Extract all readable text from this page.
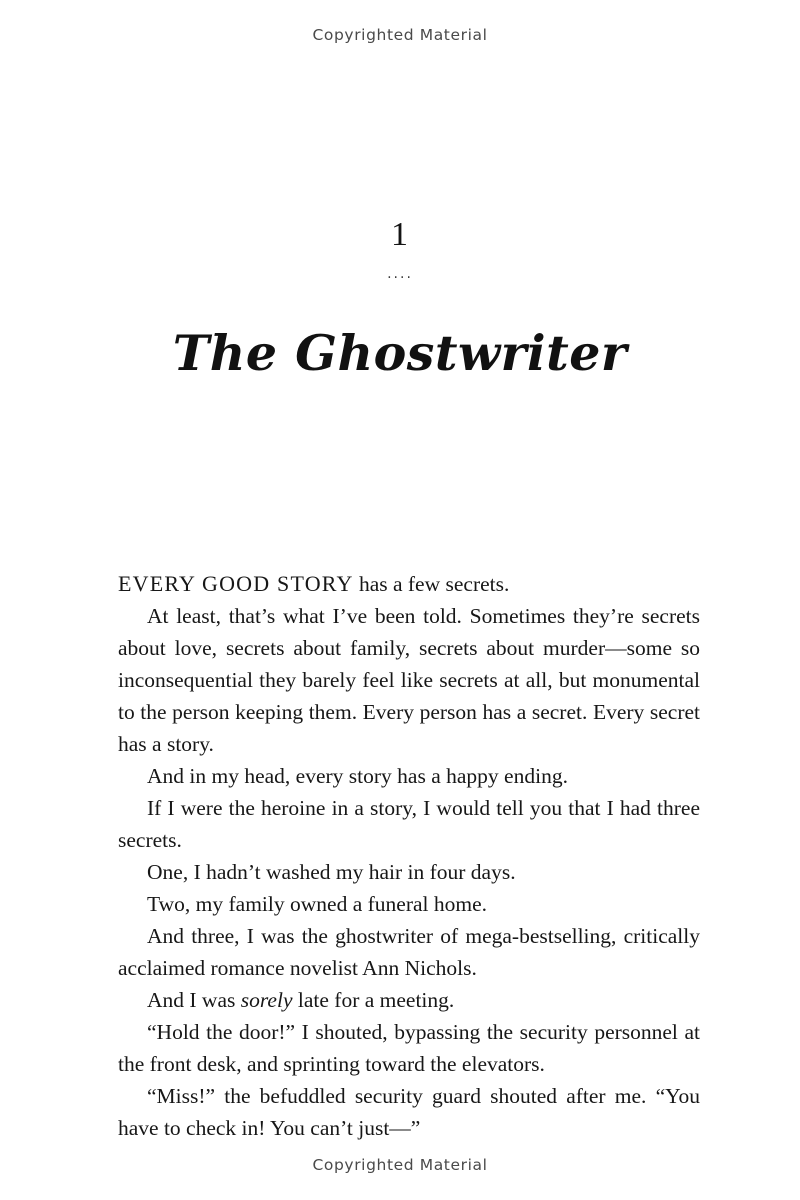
Copyrighted Material
1
....
The Ghostwriter

EVERY GOOD STORY has a few secrets.

At least, that’s what I’ve been told. Sometimes they’re secrets about love, secrets about family, secrets about murder—some so inconsequential they barely feel like secrets at all, but monumental to the person keeping them. Every person has a secret. Every secret has a story.

And in my head, every story has a happy ending.

If I were the heroine in a story, I would tell you that I had three secrets.

One, I hadn’t washed my hair in four days.

Two, my family owned a funeral home.

And three, I was the ghostwriter of mega-bestselling, critically acclaimed romance novelist Ann Nichols.

And I was sorely late for a meeting.

“Hold the door!” I shouted, bypassing the security personnel at the front desk, and sprinting toward the elevators.

“Miss!” the befuddled security guard shouted after me. “You have to check in! You can’t just—”

Copyrighted Material
